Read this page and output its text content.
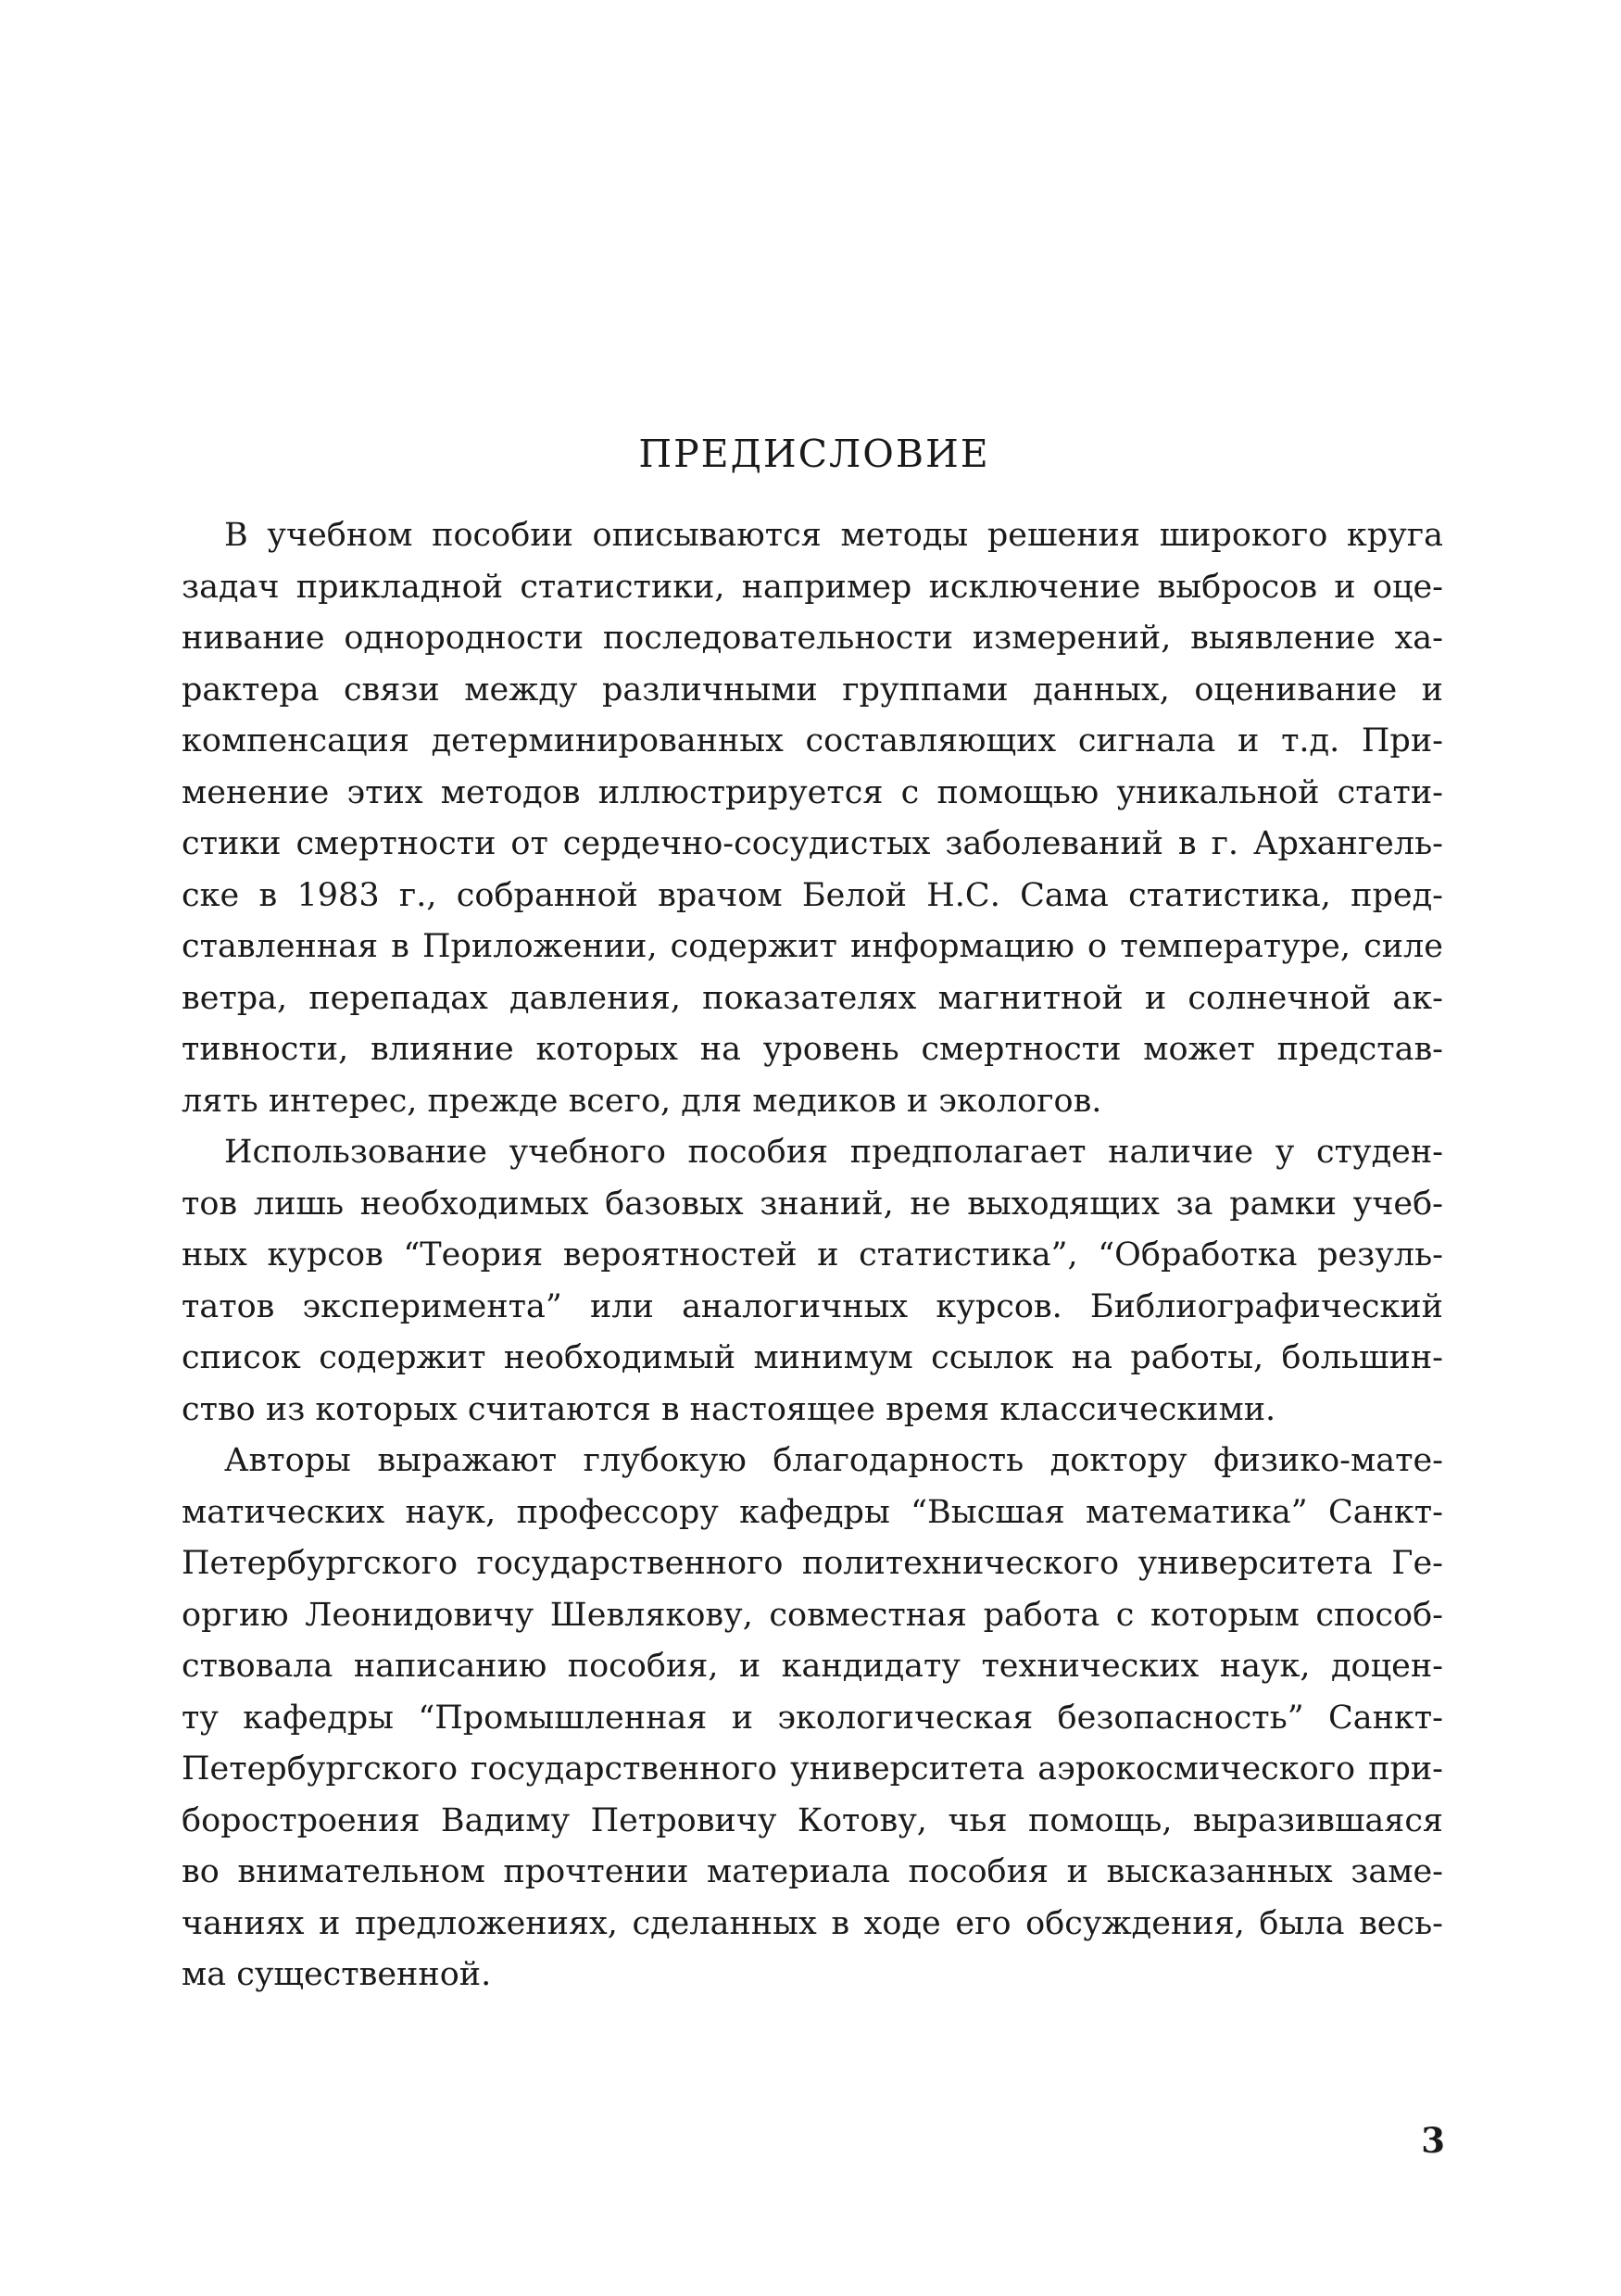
ПРЕДИСЛОВИЕ
В учебном пособии описываются методы решения широкого круга
задач прикладной статистики, например исключение выбросов и оце-
нивание однородности последовательности измерений, выявление ха-
рактера связи между различными группами данных, оценивание и
компенсация детерминированных составляющих сигнала и т.д. При-
менение этих методов иллюстрируется с помощью уникальной стати-
стики смертности от сердечно-сосудистых заболеваний в г. Архангель-
ске в 1983 г., собранной врачом Белой Н.С. Сама статистика, пред-
ставленная в Приложении, содержит информацию о температуре, силе
ветра, перепадах давления, показателях магнитной и солнечной ак-
тивности, влияние которых на уровень смертности может представ-
лять интерес, прежде всего, для медиков и экологов.
Использование учебного пособия предполагает наличие у студен-
тов лишь необходимых базовых знаний, не выходящих за рамки учеб-
ных курсов “Теория вероятностей и статистика”, “Обработка резуль-
татов эксперимента” или аналогичных курсов. Библиографический
список содержит необходимый минимум ссылок на работы, большин-
ство из которых считаются в настоящее время классическими.
Авторы выражают глубокую благодарность доктору физико-мате-
матических наук, профессору кафедры “Высшая математика” Санкт-
Петербургского государственного политехнического университета Ге-
оргию Леонидовичу Шевлякову, совместная работа с которым способ-
ствовала написанию пособия, и кандидату технических наук, доцен-
ту кафедры “Промышленная и экологическая безопасность” Санкт-
Петербургского государственного университета аэрокосмического при-
боростроения Вадиму Петровичу Котову, чья помощь, выразившаяся
во внимательном прочтении материала пособия и высказанных заме-
чаниях и предложениях, сделанных в ходе его обсуждения, была весь-
ма существенной.
3
